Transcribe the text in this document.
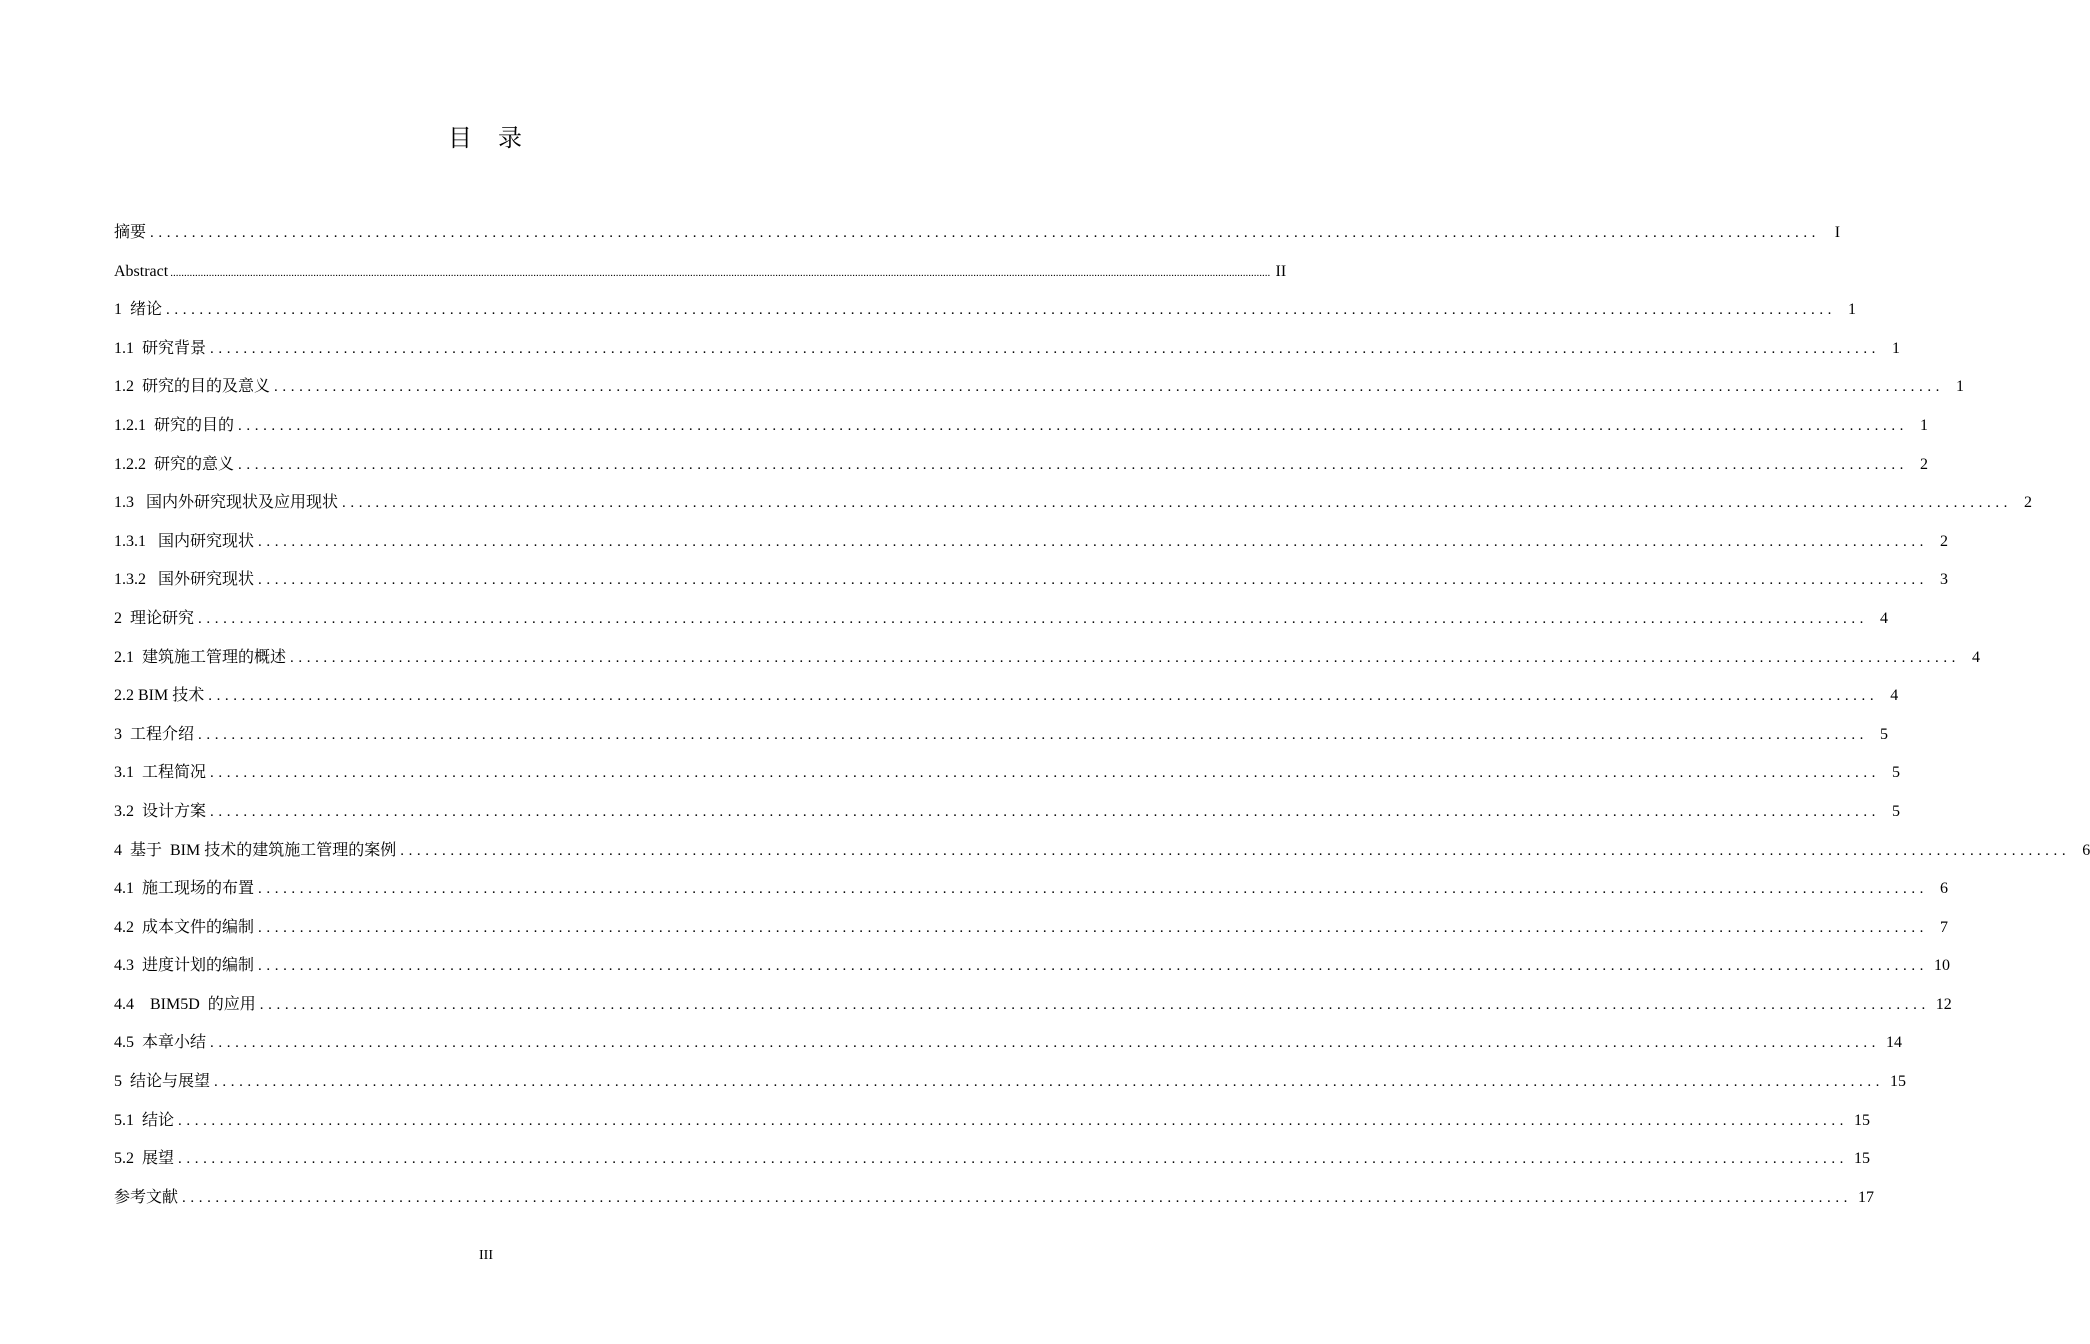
目 录
摘要 ........................................................................................................................................................................................................ I
Abstract ................................................................................................................................................................................................................................................................................................................................................................................................................ II
1  绪论 ........................................................................................................................................................................................................ 1
1.1  研究背景 ........................................................................................................................................................................................................ 1
1.2  研究的目的及意义 ........................................................................................................................................................................................................ 1
1.2.1  研究的目的 ........................................................................................................................................................................................................ 1
1.2.2  研究的意义 ........................................................................................................................................................................................................ 2
1.3   国内外研究现状及应用现状 ........................................................................................................................................................................................................ 2
1.3.1   国内研究现状 ........................................................................................................................................................................................................ 2
1.3.2   国外研究现状 ........................................................................................................................................................................................................ 3
2  理论研究 ........................................................................................................................................................................................................ 4
2.1  建筑施工管理的概述 ........................................................................................................................................................................................................ 4
2.2 BIM 技术 ........................................................................................................................................................................................................ 4
3  工程介绍 ........................................................................................................................................................................................................ 5
3.1  工程简况 ........................................................................................................................................................................................................ 5
3.2  设计方案 ........................................................................................................................................................................................................ 5
4  基于  BIM 技术的建筑施工管理的案例 ........................................................................................................................................................................................................ 6
4.1  施工现场的布置 ........................................................................................................................................................................................................ 6
4.2  成本文件的编制 ........................................................................................................................................................................................................ 7
4.3  进度计划的编制 ........................................................................................................................................................................................................ 10
4.4    BIM5D  的应用 ........................................................................................................................................................................................................ 12
4.5  本章小结 ........................................................................................................................................................................................................ 14
5  结论与展望 ........................................................................................................................................................................................................ 15
5.1  结论 ........................................................................................................................................................................................................ 15
5.2  展望 ........................................................................................................................................................................................................ 15
参考文献 ........................................................................................................................................................................................................ 17
III
